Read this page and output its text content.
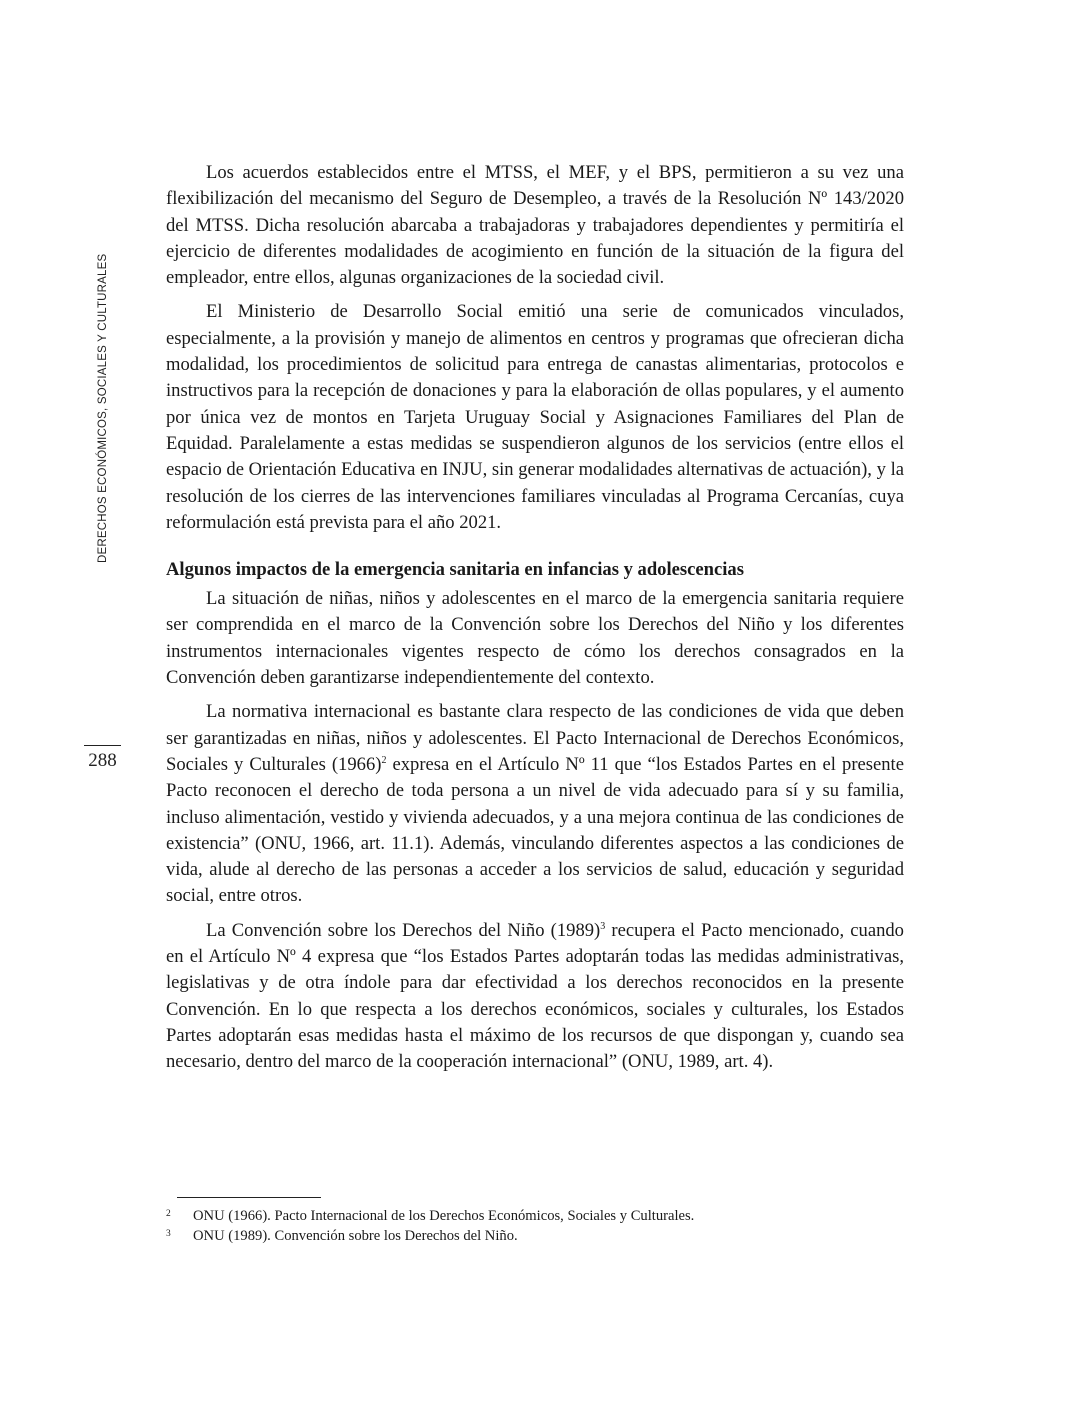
DERECHOS ECONÓMICOS, SOCIALES Y CULTURALES
288

Los acuerdos establecidos entre el MTSS, el MEF, y el BPS, permitieron a su vez una flexibilización del mecanismo del Seguro de Desempleo, a través de la Resolución Nº 143/2020 del MTSS. Dicha resolución abarcaba a trabajadoras y trabajadores dependientes y permitiría el ejercicio de diferentes modalidades de acogimiento en función de la situación de la figura del empleador, entre ellos, algunas organizaciones de la sociedad civil.

El Ministerio de Desarrollo Social emitió una serie de comunicados vinculados, especialmente, a la provisión y manejo de alimentos en centros y programas que ofrecieran dicha modalidad, los procedimientos de solicitud para entrega de canastas alimentarias, protocolos e instructivos para la recepción de donaciones y para la elaboración de ollas populares, y el aumento por única vez de montos en Tarjeta Uruguay Social y Asignaciones Familiares del Plan de Equidad. Paralelamente a estas medidas se suspendieron algunos de los servicios (entre ellos el espacio de Orientación Educativa en INJU, sin generar modalidades alternativas de actuación), y la resolución de los cierres de las intervenciones familiares vinculadas al Programa Cercanías, cuya reformulación está prevista para el año 2021.

Algunos impactos de la emergencia sanitaria en infancias y adolescencias

La situación de niñas, niños y adolescentes en el marco de la emergencia sanitaria requiere ser comprendida en el marco de la Convención sobre los Derechos del Niño y los diferentes instrumentos internacionales vigentes respecto de cómo los derechos consagrados en la Convención deben garantizarse independientemente del contexto.

La normativa internacional es bastante clara respecto de las condiciones de vida que deben ser garantizadas en niñas, niños y adolescentes. El Pacto Internacional de Derechos Económicos, Sociales y Culturales $(1966)^2$ expresa en el Artículo Nº 11 que “los Estados Partes en el presente Pacto reconocen el derecho de toda persona a un nivel de vida adecuado para sí y su familia, incluso alimentación, vestido y vivienda adecuados, y a una mejora continua de las condiciones de existencia” (ONU, 1966, art. 11.1). Además, vinculando diferentes aspectos a las condiciones de vida, alude al derecho de las personas a acceder a los servicios de salud, educación y seguridad social, entre otros.

La Convención sobre los Derechos del Niño $(1989)^3$ recupera el Pacto mencionado, cuando en el Artículo Nº 4 expresa que “los Estados Partes adoptarán todas las medidas administrativas, legislativas y de otra índole para dar efectividad a los derechos reconocidos en la presente Convención. En lo que respecta a los derechos económicos, sociales y culturales, los Estados Partes adoptarán esas medidas hasta el máximo de los recursos de que dispongan y, cuando sea necesario, dentro del marco de la cooperación internacional” (ONU, 1989, art. 4).

2 ONU (1966). Pacto Internacional de los Derechos Económicos, Sociales y Culturales.
3 ONU (1989). Convención sobre los Derechos del Niño.
